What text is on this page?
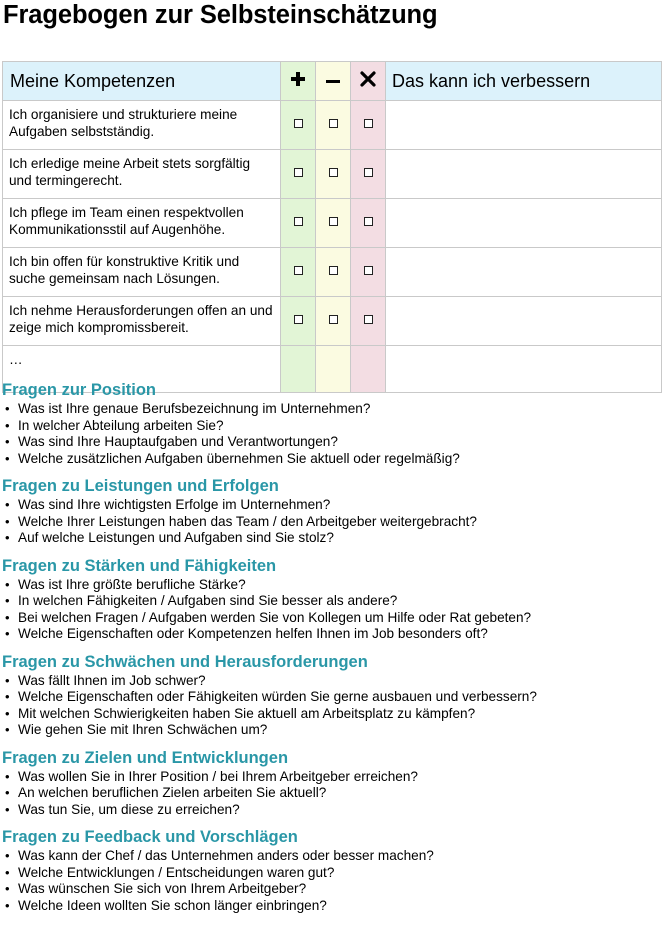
Fragebogen zur Selbsteinschätzung
Meine Kompetenzen				Das kann ich verbessern
Ich organisiere und strukturiere meine Aufgaben selbstständig.				
Ich erledige meine Arbeit stets sorgfältig und termingerecht.				
Ich pflege im Team einen respektvollen Kommunikationsstil auf Augenhöhe.				
Ich bin offen für konstruktive Kritik und suche gemeinsam nach Lösungen.				
Ich nehme Herausforderungen offen an und zeige mich kompromissbereit.				
…				
Fragen zur Position
• Was ist Ihre genaue Berufsbezeichnung im Unternehmen?
• In welcher Abteilung arbeiten Sie?
• Was sind Ihre Hauptaufgaben und Verantwortungen?
• Welche zusätzlichen Aufgaben übernehmen Sie aktuell oder regelmäßig?
Fragen zu Leistungen und Erfolgen
• Was sind Ihre wichtigsten Erfolge im Unternehmen?
• Welche Ihrer Leistungen haben das Team / den Arbeitgeber weitergebracht?
• Auf welche Leistungen und Aufgaben sind Sie stolz?
Fragen zu Stärken und Fähigkeiten
• Was ist Ihre größte berufliche Stärke?
• In welchen Fähigkeiten / Aufgaben sind Sie besser als andere?
• Bei welchen Fragen / Aufgaben werden Sie von Kollegen um Hilfe oder Rat gebeten?
• Welche Eigenschaften oder Kompetenzen helfen Ihnen im Job besonders oft?
Fragen zu Schwächen und Herausforderungen
• Was fällt Ihnen im Job schwer?
• Welche Eigenschaften oder Fähigkeiten würden Sie gerne ausbauen und verbessern?
• Mit welchen Schwierigkeiten haben Sie aktuell am Arbeitsplatz zu kämpfen?
• Wie gehen Sie mit Ihren Schwächen um?
Fragen zu Zielen und Entwicklungen
• Was wollen Sie in Ihrer Position / bei Ihrem Arbeitgeber erreichen?
• An welchen beruflichen Zielen arbeiten Sie aktuell?
• Was tun Sie, um diese zu erreichen?
Fragen zu Feedback und Vorschlägen
• Was kann der Chef / das Unternehmen anders oder besser machen?
• Welche Entwicklungen / Entscheidungen waren gut?
• Was wünschen Sie sich von Ihrem Arbeitgeber?
• Welche Ideen wollten Sie schon länger einbringen?
